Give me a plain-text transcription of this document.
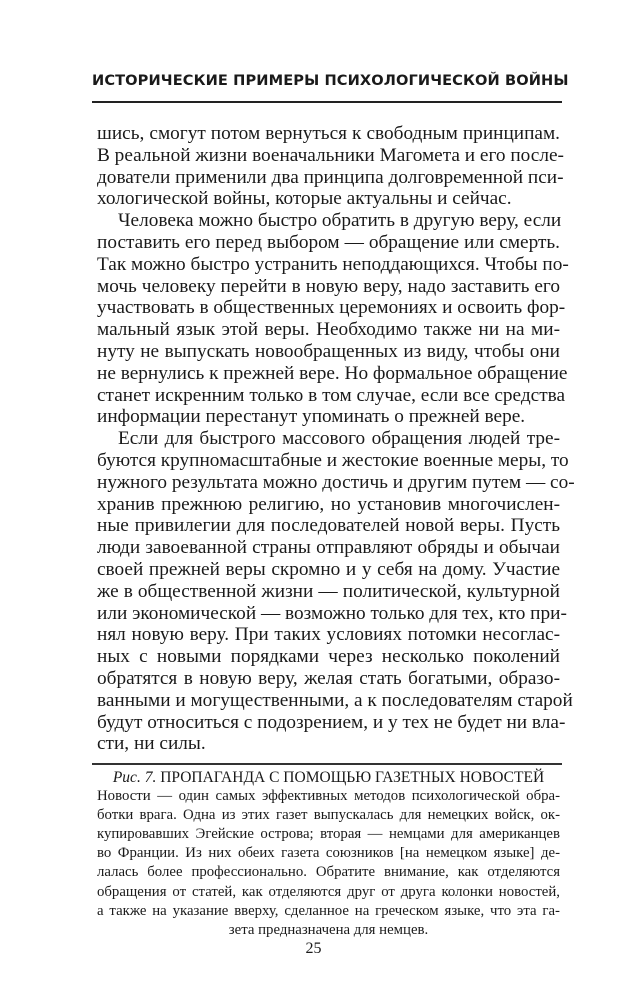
ИСТОРИЧЕСКИЕ ПРИМЕРЫ ПСИХОЛОГИЧЕСКОЙ ВОЙНЫ
шись, смогут потом вернуться к свободным принципам.
В реальной жизни военачальники Магомета и его после-
дователи применили два принципа долговременной пси-
хологической войны, которые актуальны и сейчас.
Человека можно быстро обратить в другую веру, если
поставить его перед выбором — обращение или смерть.
Так можно быстро устранить неподдающихся. Чтобы по-
мочь человеку перейти в новую веру, надо заставить его
участвовать в общественных церемониях и освоить фор-
мальный язык этой веры. Необходимо также ни на ми-
нуту не выпускать новообращенных из виду, чтобы они
не вернулись к прежней вере. Но формальное обращение
станет искренним только в том случае, если все средства
информации перестанут упоминать о прежней вере.
Если для быстрого массового обращения людей тре-
буются крупномасштабные и жестокие военные меры, то
нужного результата можно достичь и другим путем — со-
хранив прежнюю религию, но установив многочислен-
ные привилегии для последователей новой веры. Пусть
люди завоеванной страны отправляют обряды и обычаи
своей прежней веры скромно и у себя на дому. Участие
же в общественной жизни — политической, культурной
или экономической — возможно только для тех, кто при-
нял новую веру. При таких условиях потомки несоглас-
ных с новыми порядками через несколько поколений
обратятся в новую веру, желая стать богатыми, образо-
ванными и могущественными, а к последователям старой
будут относиться с подозрением, и у тех не будет ни вла-
сти, ни силы.
Рис. 7. ПРОПАГАНДА С ПОМОЩЬЮ ГАЗЕТНЫХ НОВОСТЕЙ
Новости — один самых эффективных методов психологической обра-
ботки врага. Одна из этих газет выпускалась для немецких войск, ок-
купировавших Эгейские острова; вторая — немцами для американцев
во Франции. Из них обеих газета союзников [на немецком языке] де-
лалась более профессионально. Обратите внимание, как отделяются
обращения от статей, как отделяются друг от друга колонки новостей,
а также на указание вверху, сделанное на греческом языке, что эта га-
зета предназначена для немцев.
25
